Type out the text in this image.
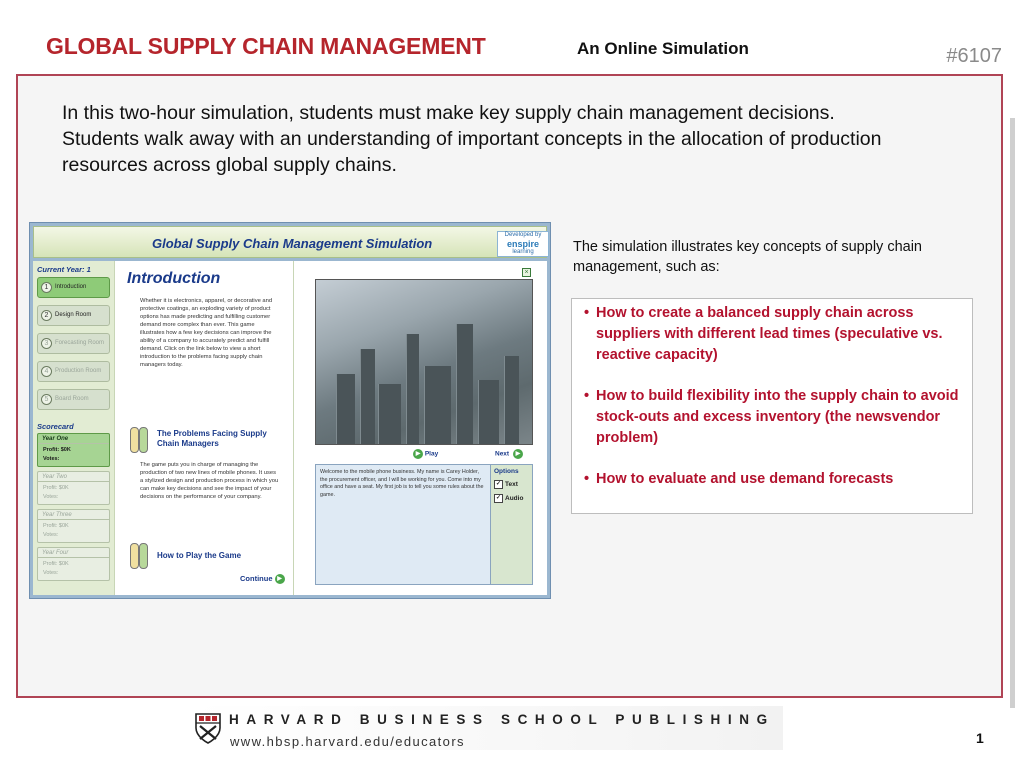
GLOBAL SUPPLY CHAIN MANAGEMENT	An Online Simulation	#6107

In this two-hour simulation, students must make key supply chain management decisions. Students walk away with an understanding of important concepts in the allocation of production resources across global supply chains.

Global Supply Chain Management Simulation
Developed by
enspire
learning
Current Year: 1
1	Introduction
2	Design Room
3	Forecasting Room
4	Production Room
5	Board Room
Scorecard
Year One
Profit: $0K
Votes:
Year Two
Profit: $0K
Votes:
Year Three
Profit: $0K
Votes:
Year Four
Profit: $0K
Votes:
Introduction

Whether it is electronics, apparel, or decorative and protective coatings, an exploding variety of product options has made predicting and fulfilling customer demand more complex than ever. This game illustrates how a few key decisions can improve the ability of a company to accurately predict and fulfill demand. Click on the link below to view a short introduction to the problems facing supply chain managers today.

The Problems Facing Supply Chain Managers

The game puts you in charge of managing the production of two new lines of mobile phones. It uses a stylized design and production process in which you can make key decisions and see the impact of your decisions on the performance of your company.

How to Play the Game
Continue ▶
×
▶ Play	Next ▶
Welcome to the mobile phone business. My name is Carey Holder, the procurement officer, and I will be working for you. Come into my office and have a seat. My first job is to tell you some rules about the game.
Options
✓ Text
✓ Audio

The simulation illustrates key concepts of supply chain management, such as:

• How to create a balanced supply chain across suppliers with different lead times (speculative vs. reactive capacity)
• How to build flexibility into the supply chain to avoid stock-outs and excess inventory (the newsvendor problem)
• How to evaluate and use demand forecasts
HARVARD BUSINESS SCHOOL PUBLISHING
www.hbsp.harvard.edu/educators	1
